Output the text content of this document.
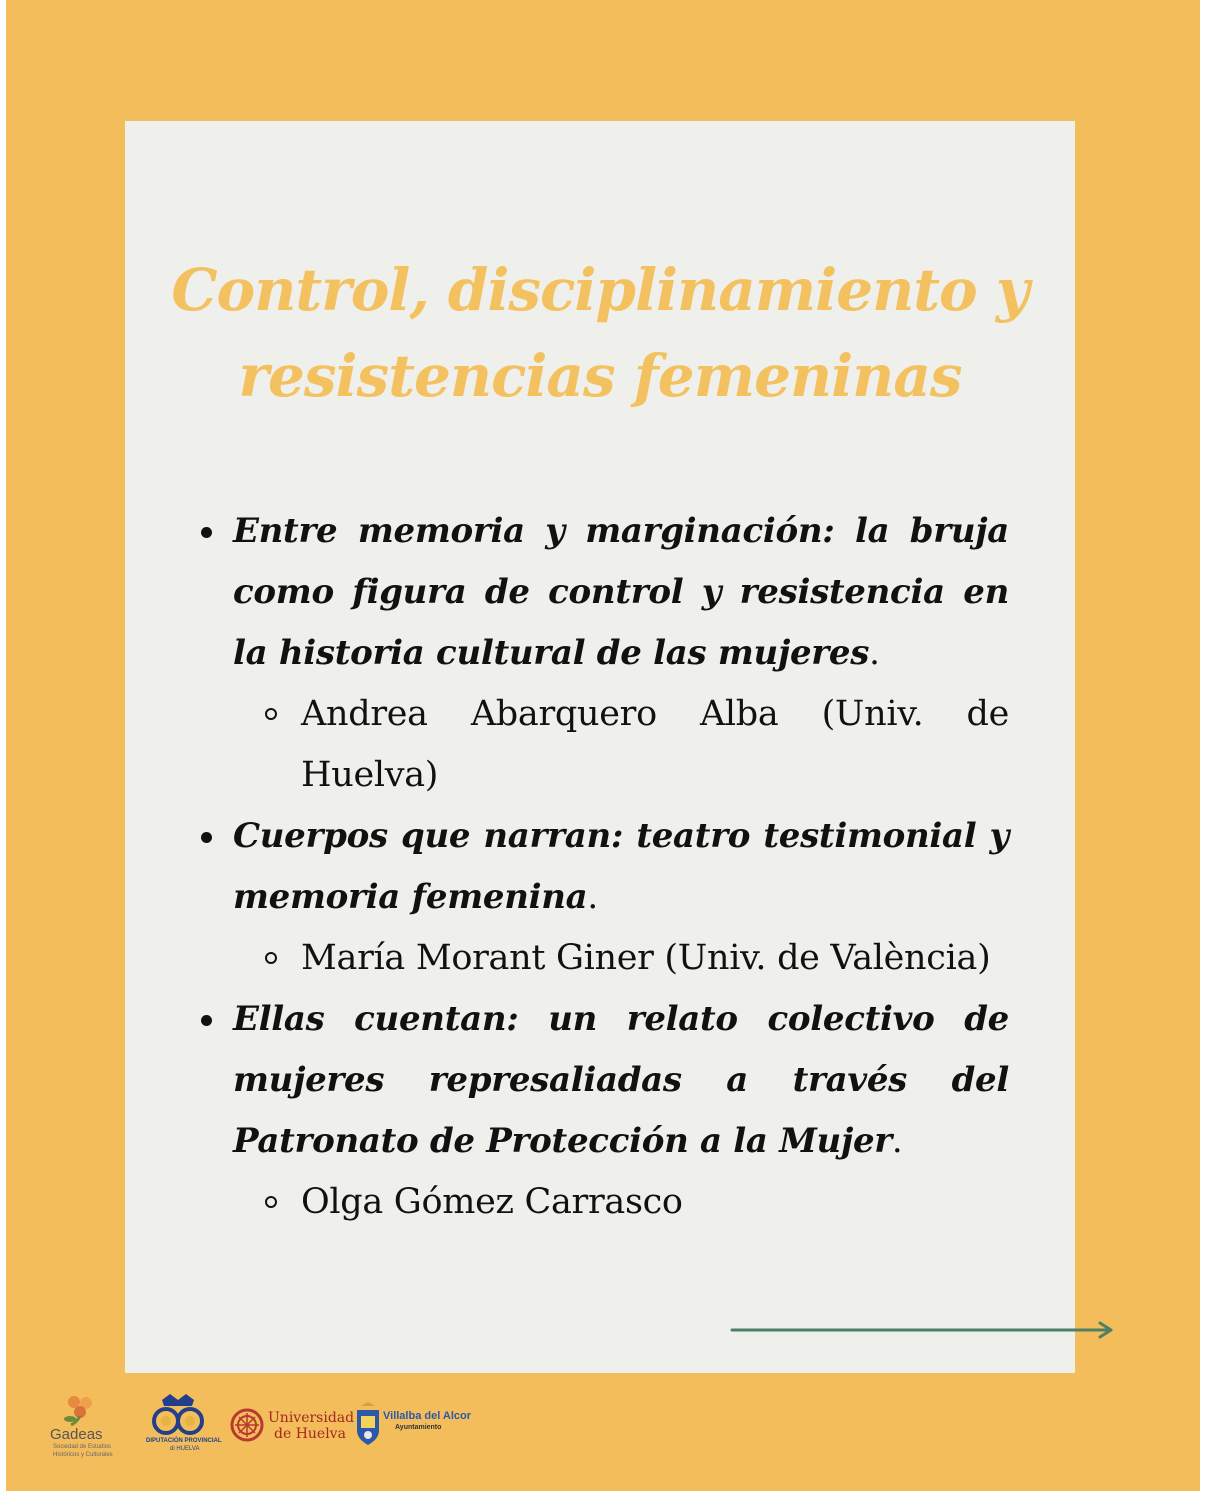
Control, disciplinamiento y
resistencias femeninas

Entre memoria y marginación: la bruja como figura de control y resistencia en la historia cultural de las mujeres.

Andrea Abarquero Alba (Univ. de Huelva)

Cuerpos que narran: teatro testimonial y memoria femenina.

María Morant Giner (Univ. de València)

Ellas cuentan: un relato colectivo de mujeres represaliadas a través del Patronato de Protección a la Mujer.

Olga Gómez Carrasco

Gadeas
Sociedad de Estudios
Históricos y Culturales
DIPUTACIÓN PROVINCIAL
di HUELVA
Universidad
de Huelva
Villalba del Alcor
Ayuntamiento
